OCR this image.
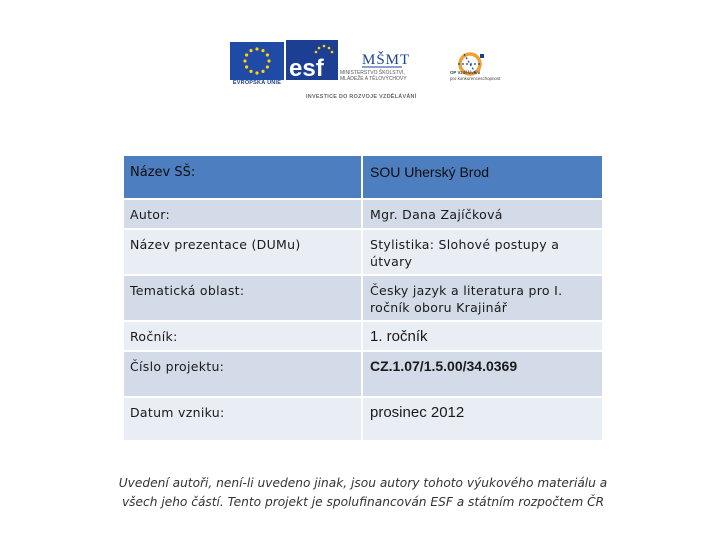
EVROPSKÁ UNIE
esf	MŠMT
MINISTERSTVO ŠKOLSTVÍ,
MLÁDEŽE A TĚLOVÝCHOVY
OP Vzdělávání
pro konkurenceschopnost
INVESTICE DO ROZVOJE VZDĚLÁVÁNÍ
Název SŠ:	SOU Uherský Brod
Autor:	Mgr. Dana Zajíčková
Název prezentace (DUMu)	Stylistika: Slohové postupy a útvary
Tematická oblast:	Česky jazyk a literatura pro I. ročník oboru Krajinář
Ročník:	1. ročník
Číslo projektu:	CZ.1.07/1.5.00/34.0369
Datum vzniku:	prosinec 2012
Uvedení autoři, není-li uvedeno jinak, jsou autory tohoto výukového materiálu a
všech jeho částí. Tento projekt je spolufinancován ESF a státním rozpočtem ČR
